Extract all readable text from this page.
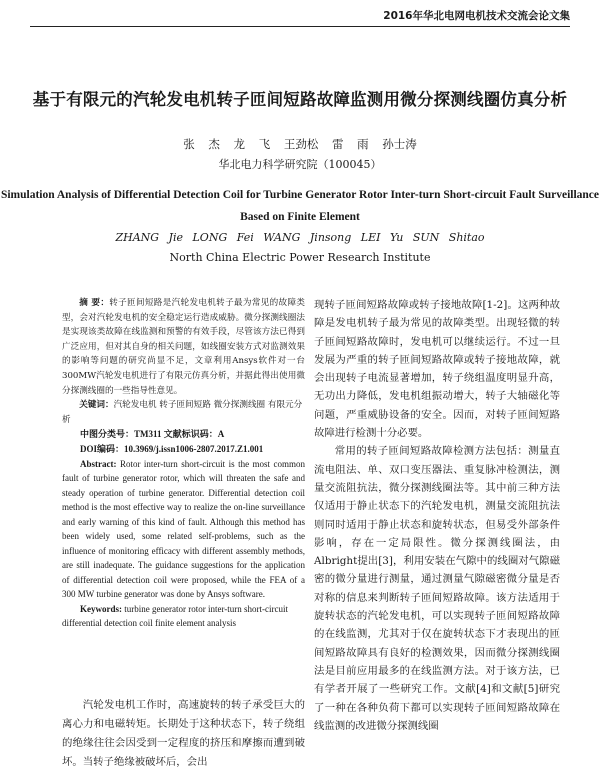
2016年华北电网电机技术交流会论文集
基于有限元的汽轮发电机转子匝间短路故障监测用微分探测线圈仿真分析
张 杰 龙 飞 王劲松 雷 雨 孙士涛
华北电力科学研究院（100045）
Simulation Analysis of Differential Detection Coil for Turbine Generator Rotor Inter-turn Short-circuit Fault Surveillance Based on Finite Element
ZHANG Jie LONG Fei WANG Jinsong LEI Yu SUN Shitao
North China Electric Power Research Institute

摘 要：转子匝间短路是汽轮发电机转子最为常见的故障类型，会对汽轮发电机的安全稳定运行造成威胁。微分探测线圈法是实现该类故障在线监测和预警的有效手段，尽管该方法已得到广泛应用，但对其自身的相关问题，如线圈安装方式对监测效果的影响等问题的研究尚显不足，文章利用Ansys软件对一台300MW汽轮发电机进行了有限元仿真分析，并据此得出使用微分探测线圈的一些指导性意见。

关键词：汽轮发电机 转子匝间短路 微分探测线圈 有限元分析

中图分类号：TM311 文献标识码：A

DOI编码：10.3969/j.issn1006-2807.2017.Z1.001

Abstract: Rotor inter-turn short-circuit is the most common fault of turbine generator rotor, which will threaten the safe and steady operation of turbine generator. Differential detection coil method is the most effective way to realize the on-line surveillance and early warning of this kind of fault. Although this method has been widely used, some related self-problems, such as the influence of monitoring efficacy with different assembly methods, are still inadequate. The guidance suggestions for the application of differential detection coil were proposed, while the FEA of a 300 MW turbine generator was done by Ansys software.

Keywords: turbine generator rotor inter-turn short-circuit differential detection coil finite element analysis

汽轮发电机工作时，高速旋转的转子承受巨大的离心力和电磁转矩。长期处于这种状态下，转子绕组的绝缘往往会因受到一定程度的挤压和摩擦而遭到破坏。当转子绝缘被破坏后，会出

现转子匝间短路故障或转子接地故障[1-2]。这两种故障是发电机转子最为常见的故障类型。出现轻微的转子匝间短路故障时，发电机可以继续运行。不过一旦发展为严重的转子匝间短路故障或转子接地故障，就会出现转子电流显著增加，转子绕组温度明显升高，无功出力降低，发电机组振动增大，转子大轴磁化等问题，严重威胁设备的安全。因而，对转子匝间短路故障进行检测十分必要。

常用的转子匝间短路故障检测方法包括：测量直流电阻法、单、双口变压器法、重复脉冲检测法，测量交流阻抗法，微分探测线圈法等。其中前三种方法仅适用于静止状态下的汽轮发电机，测量交流阻抗法则同时适用于静止状态和旋转状态，但易受外部条件影响，存在一定局限性。微分探测线圈法，由Albright提出[3]，利用安装在气隙中的线圈对气隙磁密的微分量进行测量，通过测量气隙磁密微分量是否对称的信息来判断转子匝间短路故障。该方法适用于旋转状态的汽轮发电机，可以实现转子匝间短路故障的在线监测，尤其对于仅在旋转状态下才表现出的匝间短路故障具有良好的检测效果，因而微分探测线圈法是目前应用最多的在线监测方法。对于该方法，已有学者开展了一些研究工作。文献[4]和文献[5]研究了一种在各种负荷下都可以实现转子匝间短路故障在线监测的改进微分探测线圈
